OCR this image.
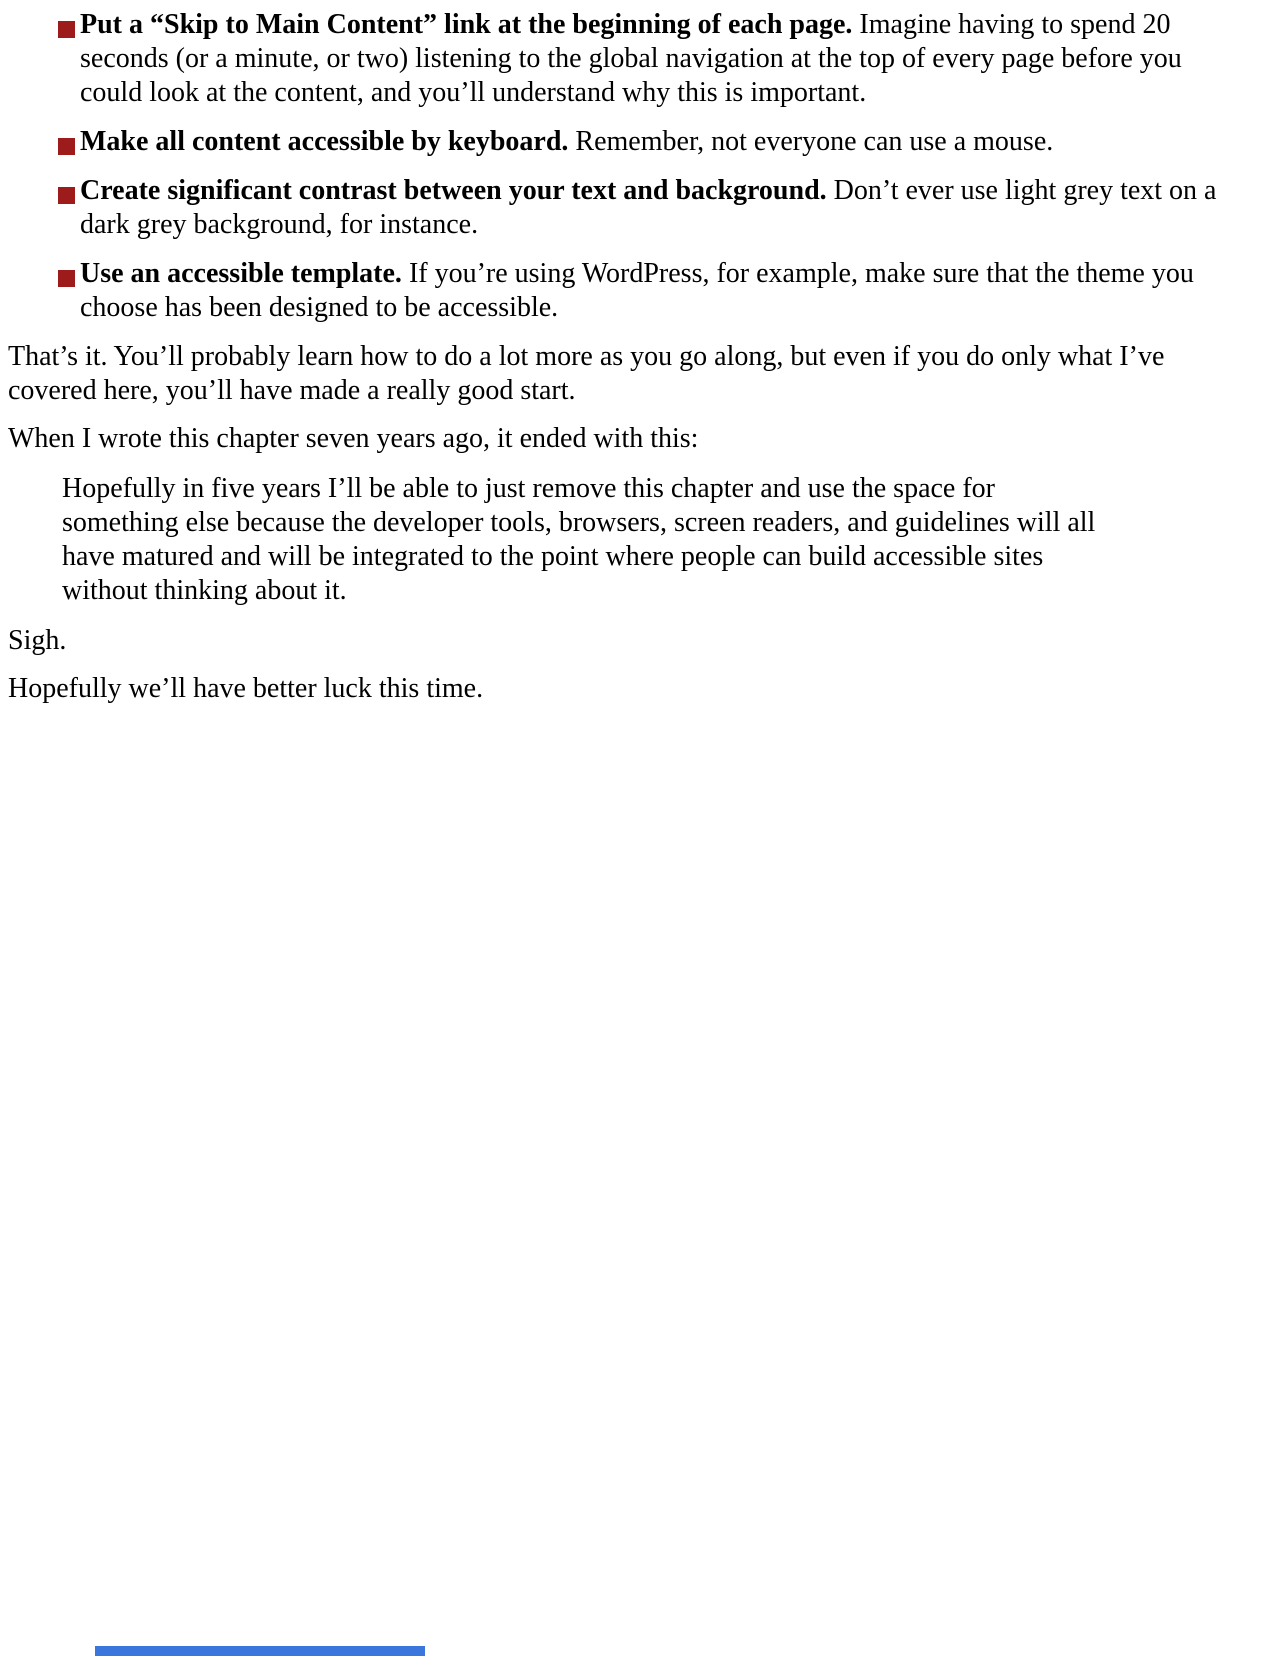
Put a “Skip to Main Content” link at the beginning of each page. Imagine having to spend 20 seconds (or a minute, or two) listening to the global navigation at the top of every page before you could look at the content, and you’ll understand why this is important.
Make all content accessible by keyboard. Remember, not everyone can use a mouse.
Create significant contrast between your text and background. Don’t ever use light grey text on a dark grey background, for instance.
Use an accessible template. If you’re using WordPress, for example, make sure that the theme you choose has been designed to be accessible.

That’s it. You’ll probably learn how to do a lot more as you go along, but even if you do only what I’ve covered here, you’ll have made a really good start.

When I wrote this chapter seven years ago, it ended with this:

Hopefully in five years I’ll be able to just remove this chapter and use the space for something else because the developer tools, browsers, screen readers, and guidelines will all have matured and will be integrated to the point where people can build accessible sites without thinking about it.

Sigh.

Hopefully we’ll have better luck this time.
